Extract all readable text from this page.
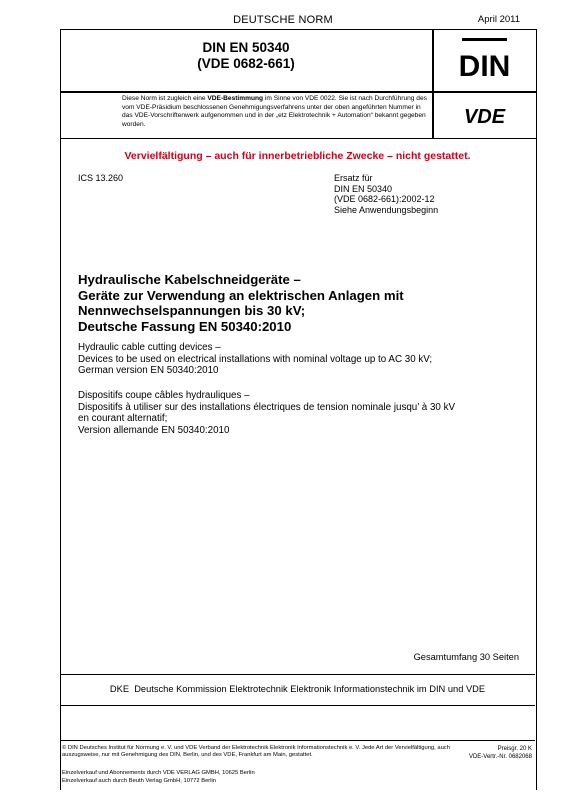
DEUTSCHE NORM	April 2011
DIN
VDE
DIN EN 50340
(VDE 0682-661)
Diese Norm ist zugleich eine VDE-Bestimmung im Sinne von VDE 0022. Sie ist nach Durchführung des vom VDE-Präsidium beschlossenen Genehmigungsverfahrens unter der oben angeführten Nummer in das VDE-Vorschriftenwerk aufgenommen und in der „etz Elektrotechnik + Automation“ bekannt gegeben worden.
Vervielfältigung – auch für innerbetriebliche Zwecke – nicht gestattet.
ICS 13.260	Ersatz für
DIN EN 50340
(VDE 0682-661):2002-12
Siehe Anwendungsbeginn
Hydraulische Kabelschneidgeräte –
Geräte zur Verwendung an elektrischen Anlagen mit
Nennwechselspannungen bis 30 kV;
Deutsche Fassung EN 50340:2010
Hydraulic cable cutting devices –
Devices to be used on electrical installations with nominal voltage up to AC 30 kV;
German version EN 50340:2010
Dispositifs coupe câbles hydrauliques –
Dispositifs à utiliser sur des installations électriques de tension nominale jusqu’ à 30 kV
en courant alternatif;
Version allemande EN 50340:2010
Gesamtumfang 30 Seiten
DKE Deutsche Kommission Elektrotechnik Elektronik Informationstechnik im DIN und VDE
© DIN Deutsches Institut für Normung e. V. und VDE Verband der Elektrotechnik Elektronik Informationstechnik e. V. Jede Art der Vervielfältigung, auch auszugsweise, nur mit Genehmigung des DIN, Berlin, und des VDE, Frankfurt am Main, gestattet.
Einzelverkauf und Abonnements durch VDE VERLAG GMBH, 10625 Berlin
Einzelverkauf auch durch Beuth Verlag GmbH, 10772 Berlin
Preisgr. 20 K
VDE-Vertr.-Nr. 0682068
